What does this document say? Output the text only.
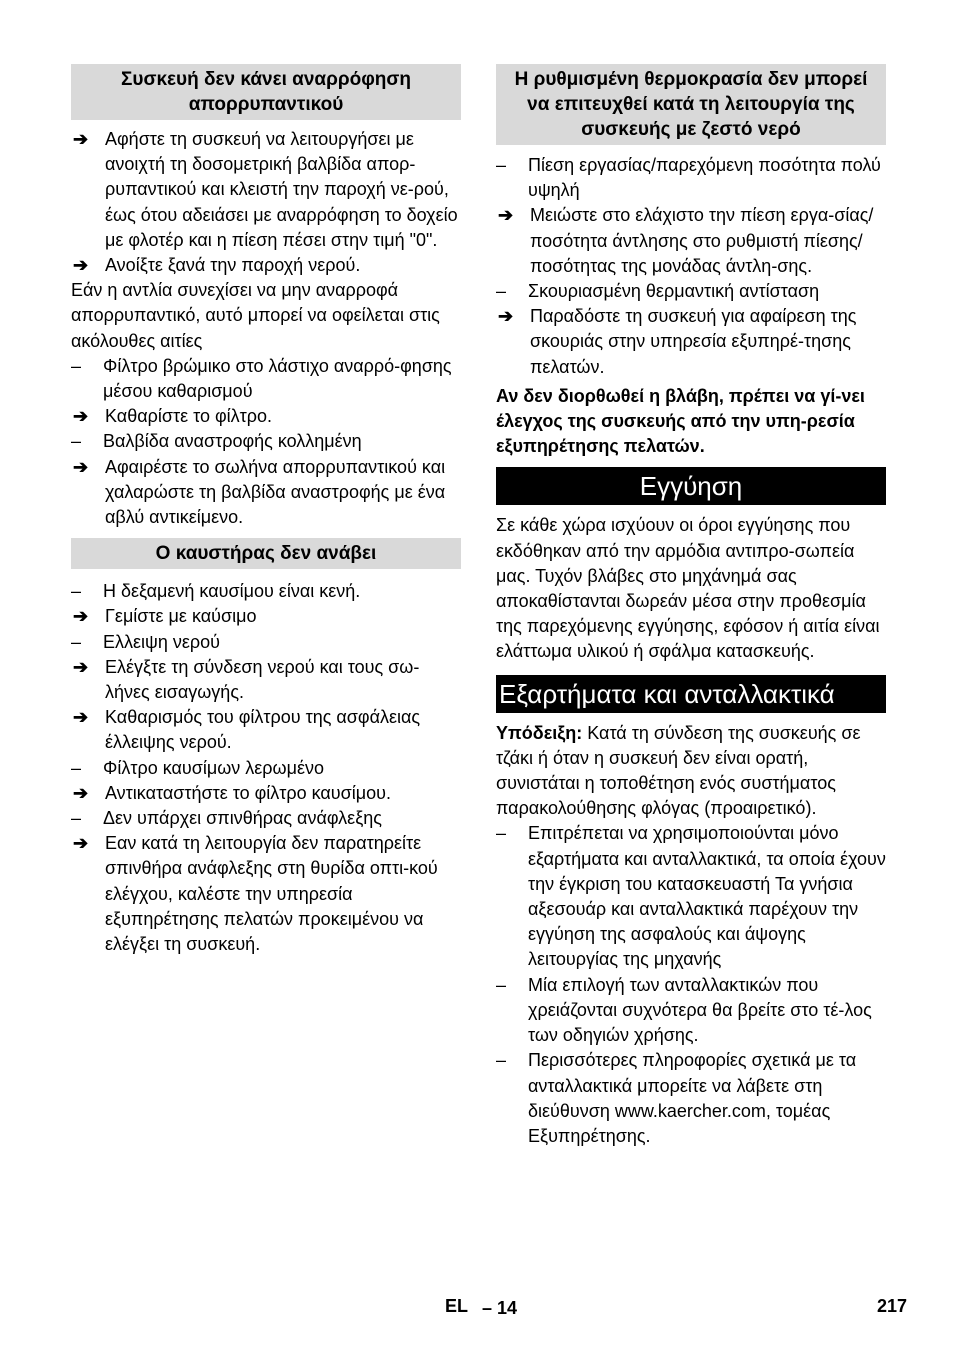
Συσκευή δεν κάνει αναρρόφηση απορρυπαντικού
➔ Αφήστε τη συσκευή να λειτουργήσει με ανοιχτή τη δοσομετρική βαλβίδα απορ-ρυπαντικού και κλειστή την παροχή νε-ρού, έως ότου αδειάσει με αναρρόφηση το δοχείο με φλοτέρ και η πίεση πέσει στην τιμή "0".
➔ Ανοίξτε ξανά την παροχή νερού.
Εάν η αντλία συνεχίσει να μην αναρροφά απορρυπαντικό, αυτό μπορεί να οφείλεται στις ακόλουθες αιτίες
–	Φίλτρο βρώμικο στο λάστιχο αναρρό-φησης μέσου καθαρισμού
➔ Καθαρίστε το φίλτρο.
–	Βαλβίδα αναστροφής κολλημένη
➔ Αφαιρέστε το σωλήνα απορρυπαντικού και χαλαρώστε τη βαλβίδα αναστροφής με ένα αβλύ αντικείμενο.
Ο καυστήρας δεν ανάβει
–	Η δεξαμενή καυσίμου είναι κενή.
➔ Γεμίστε με καύσιμο
–	Ελλειψη νερού
➔ Ελέγξτε τη σύνδεση νερού και τους σω-λήνες εισαγωγής.
➔ Καθαρισμός του φίλτρου της ασφάλειας έλλειψης νερού.
–	Φίλτρο καυσίμων λερωμένο
➔ Αντικαταστήστε το φίλτρο καυσίμου.
–	Δεν υπάρχει σπινθήρας ανάφλεξης
➔ Εαν κατά τη λειτουργία δεν παρατηρείτε σπινθήρα ανάφλεξης στη θυρίδα οπτι-κού ελέγχου, καλέστε την υπηρεσία εξυπηρέτησης πελατών προκειμένου να ελέγξει τη συσκευή.
Η ρυθμισμένη θερμοκρασία δεν μπορεί να επιτευχθεί κατά τη λειτουργία της συσκευής με ζεστό νερό
–	Πίεση εργασίας/παρεχόμενη ποσότητα πολύ υψηλή
➔ Μειώστε στο ελάχιστο την πίεση εργα-σίας/ποσότητα άντλησης στο ρυθμιστή πίεσης/ποσότητας της μονάδας άντλη-σης.
–	Σκουριασμένη θερμαντική αντίσταση
➔ Παραδόστε τη συσκευή για αφαίρεση της σκουριάς στην υπηρεσία εξυπηρέ-τησης πελατών.
Αν δεν διορθωθεί η βλάβη, πρέπει να γί-νει έλεγχος της συσκευής από την υπη-ρεσία εξυπηρέτησης πελατών.
Εγγύηση
Σε κάθε χώρα ισχύουν οι όροι εγγύησης που εκδόθηκαν από την αρμόδια αντιπρο-σωπεία μας. Τυχόν βλάβες στο μηχάνημά σας αποκαθίστανται δωρεάν μέσα στην προθεσμία της παρεχόμενης εγγύησης, εφόσον ή αιτία είναι ελάττωμα υλικού ή σφάλμα κατασκευής.
Εξαρτήματα και ανταλλακτικά
Υπόδειξη: Κατά τη σύνδεση της συσκευής σε τζάκι ή όταν η συσκευή δεν είναι ορατή, συνιστάται η τοποθέτηση ενός συστήματος παρακολούθησης φλόγας (προαιρετικό).
–	Επιτρέπεται να χρησιμοποιούνται μόνο εξαρτήματα και ανταλλακτικά, τα οποία έχουν την έγκριση του κατασκευαστή Τα γνήσια αξεσουάρ και ανταλλακτικά παρέχουν την εγγύηση της ασφαλούς και άψογης λειτουργίας της μηχανής
–	Μία επιλογή των ανταλλακτικών που χρειάζονται συχνότερα θα βρείτε στο τέ-λος των οδηγιών χρήσης.
–	Περισσότερες πληροφορίες σχετικά με τα ανταλλακτικά μπορείτε να λάβετε στη διεύθυνση www.kaercher.com, τομέας Εξυπηρέτησης.
EL – 14	217
